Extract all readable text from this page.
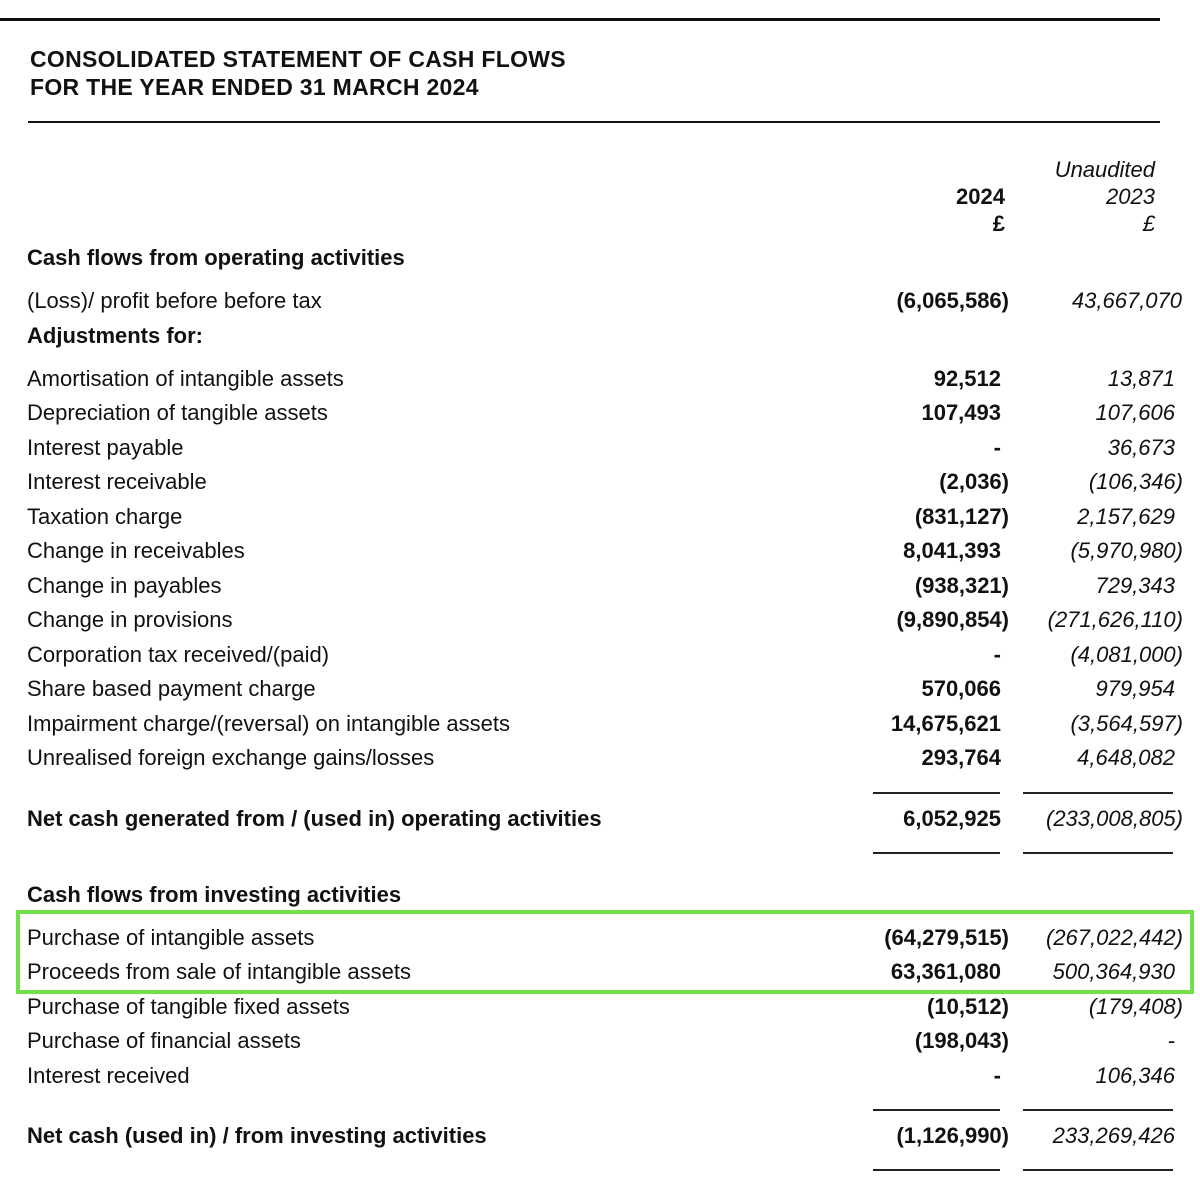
CONSOLIDATED STATEMENT OF CASH FLOWS
FOR THE YEAR ENDED 31 MARCH 2024
Unaudited
2024	2023
£	£
Cash flows from operating activities
(Loss)/ profit before before tax	(6,065,586)	43,667,070
Adjustments for:
Amortisation of intangible assets	92,512	13,871
Depreciation of tangible assets	107,493	107,606
Interest payable	-	36,673
Interest receivable	(2,036)	(106,346)
Taxation charge	(831,127)	2,157,629
Change in receivables	8,041,393	(5,970,980)
Change in payables	(938,321)	729,343
Change in provisions	(9,890,854) (271,626,110)
Corporation tax received/(paid)	-	(4,081,000)
Share based payment charge	570,066	979,954
Impairment charge/(reversal) on intangible assets	14,675,621	(3,564,597)
Unrealised foreign exchange gains/losses	293,764	4,648,082
Net cash generated from / (used in) operating activities	6,052,925 (233,008,805)
Cash flows from investing activities
Purchase of intangible assets	(64,279,515) (267,022,442)
Proceeds from sale of intangible assets	63,361,080 500,364,930
Purchase of tangible fixed assets	(10,512)	(179,408)
Purchase of financial assets	(198,043)	-
Interest received	-	106,346
Net cash (used in) / from investing activities	(1,126,990) 233,269,426
